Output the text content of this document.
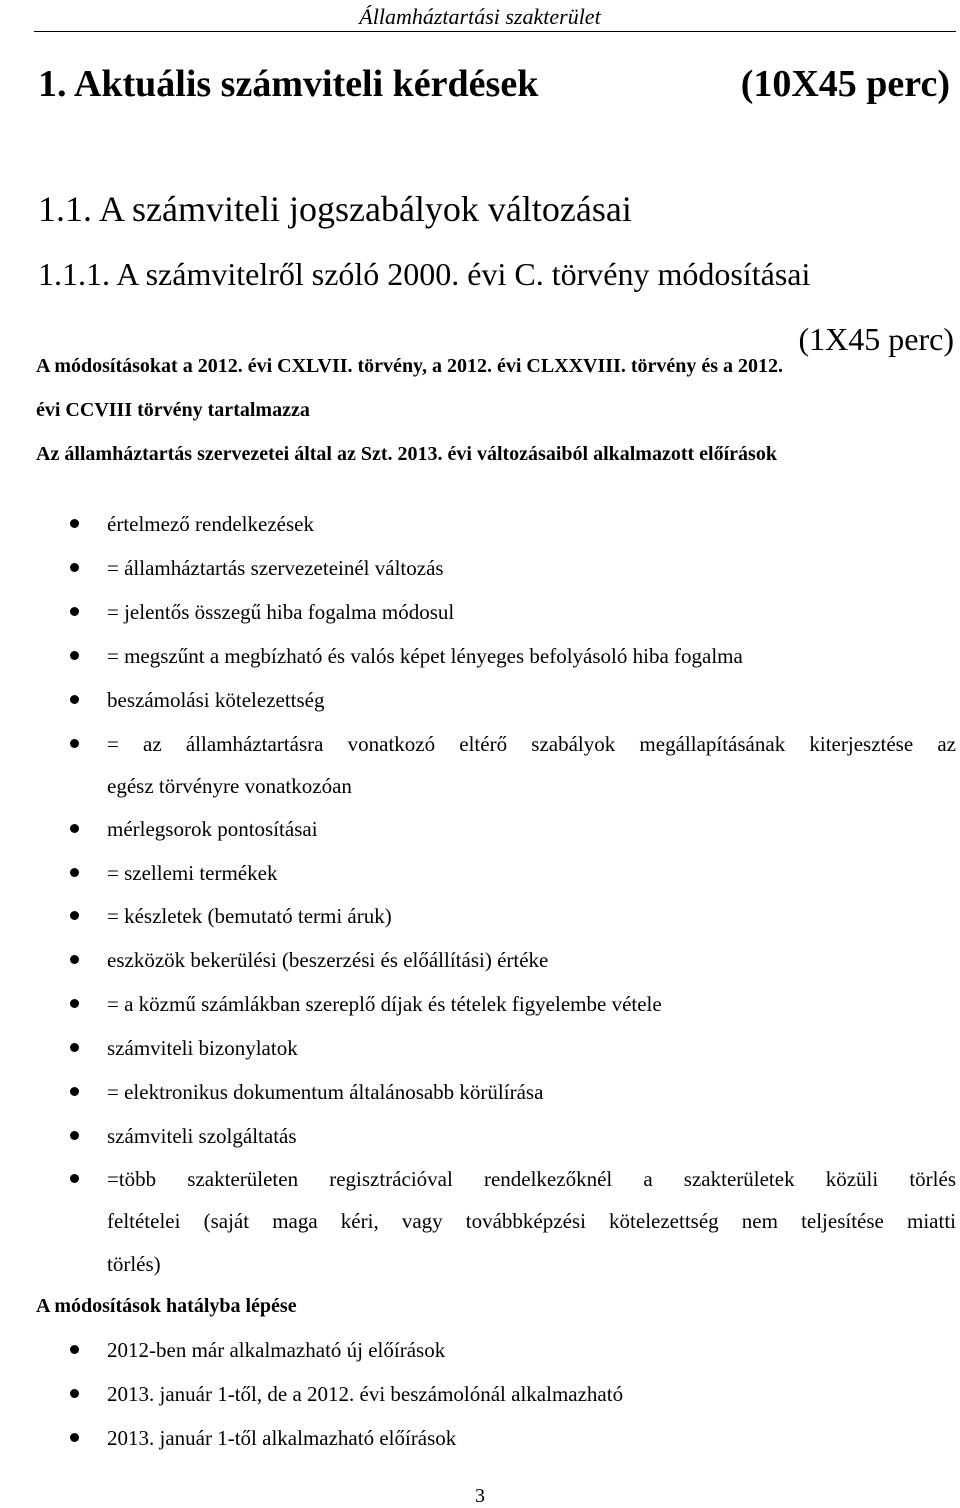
Államháztartási szakterület
1. Aktuális számviteli kérdések	(10X45 perc)
1.1. A számviteli jogszabályok változásai
1.1.1. A számvitelről szóló 2000. évi C. törvény módosításai
(1X45 perc)
A módosításokat a 2012. évi CXLVII. törvény, a 2012. évi CLXXVIII. törvény és a 2012.
évi CCVIII törvény tartalmazza
Az államháztartás szervezetei által az Szt. 2013. évi változásaiból alkalmazott előírások
értelmező rendelkezések
= államháztartás szervezeteinél változás
= jelentős összegű hiba fogalma módosul
= megszűnt a megbízható és valós képet lényeges befolyásoló hiba fogalma
beszámolási kötelezettség
= az államháztartásra vonatkozó eltérő szabályok megállapításának kiterjesztése az
egész törvényre vonatkozóan
mérlegsorok pontosításai
= szellemi termékek
= készletek (bemutató termi áruk)
eszközök bekerülési (beszerzési és előállítási) értéke
= a közmű számlákban szereplő díjak és tételek figyelembe vétele
számviteli bizonylatok
= elektronikus dokumentum általánosabb körülírása
számviteli szolgáltatás
=több szakterületen regisztrációval rendelkezőknél a szakterületek közüli törlés
feltételei (saját maga kéri, vagy továbbképzési kötelezettség nem teljesítése miatti
törlés)
A módosítások hatályba lépése
2012-ben már alkalmazható új előírások
2013. január 1-től, de a 2012. évi beszámolónál alkalmazható
2013. január 1-től alkalmazható előírások
3
